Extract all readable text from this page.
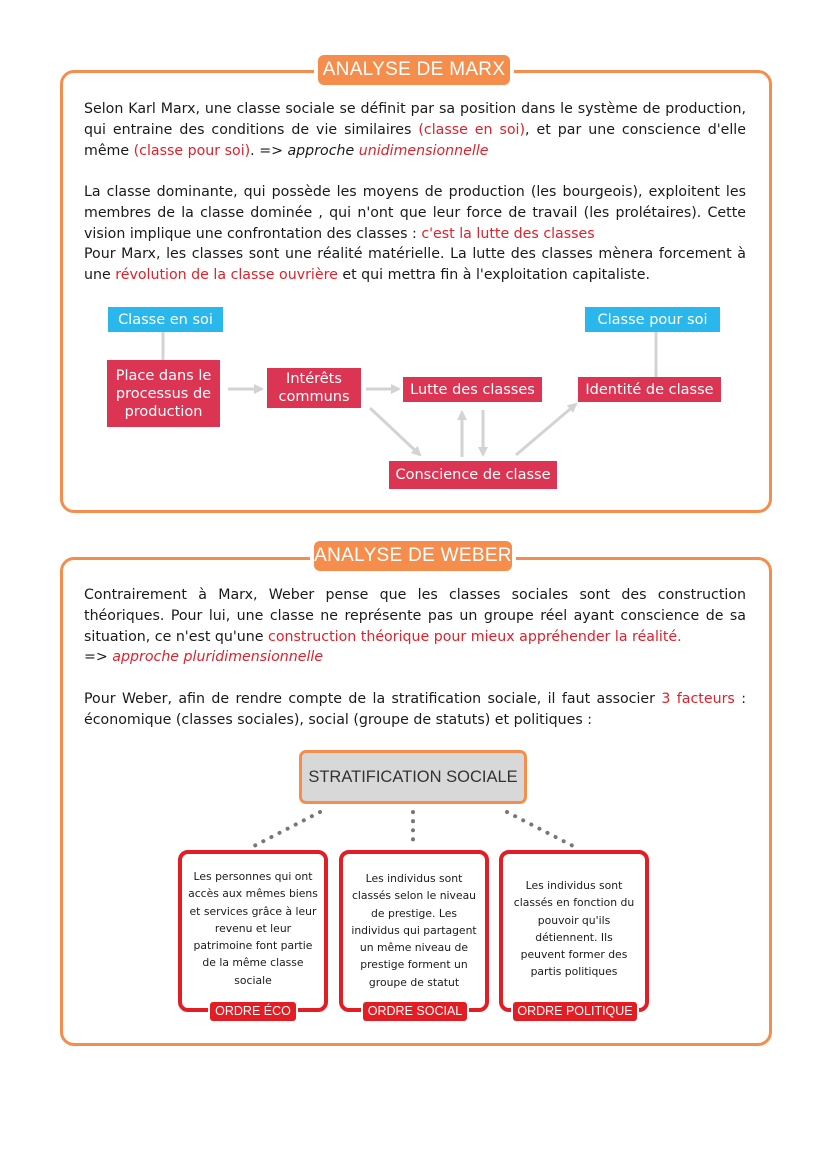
ANALYSE DE MARX
Selon Karl Marx, une classe sociale se définit par sa position dans le système de production, qui entraine des conditions de vie similaires (classe en soi), et par une conscience d'elle même (classe pour soi). => approche unidimensionnelle
La classe dominante, qui possède les moyens de production (les bourgeois), exploitent les membres de la classe dominée , qui n'ont que leur force de travail (les prolétaires). Cette vision implique une confrontation des classes : c'est la lutte des classes
Pour Marx, les classes sont une réalité matérielle. La lutte des classes mènera forcement à une révolution de la classe ouvrière et qui mettra fin à l'exploitation capitaliste.
Classe en soi	Classe pour soi
Place dans le processus de production
Intérêts communs	Lutte des classes	Identité de classe
Conscience de classe
ANALYSE DE WEBER
Contrairement à Marx, Weber pense que les classes sociales sont des construction théoriques. Pour lui, une classe ne représente pas un groupe réel ayant conscience de sa situation, ce n'est qu'une construction théorique pour mieux appréhender la réalité.
=> approche pluridimensionnelle
Pour Weber, afin de rendre compte de la stratification sociale, il faut associer 3 facteurs : économique (classes sociales), social (groupe de statuts) et politiques :
STRATIFICATION SOCIALE
Les personnes qui ont accès aux mêmes biens et services grâce à leur revenu et leur patrimoine font partie de la même classe sociale
ORDRE ÉCO
Les individus sont classés selon le niveau de prestige. Les individus qui partagent un même niveau de prestige forment un groupe de statut
ORDRE SOCIAL
Les individus sont classés en fonction du pouvoir qu'ils détiennent. Ils peuvent former des partis politiques
ORDRE POLITIQUE
